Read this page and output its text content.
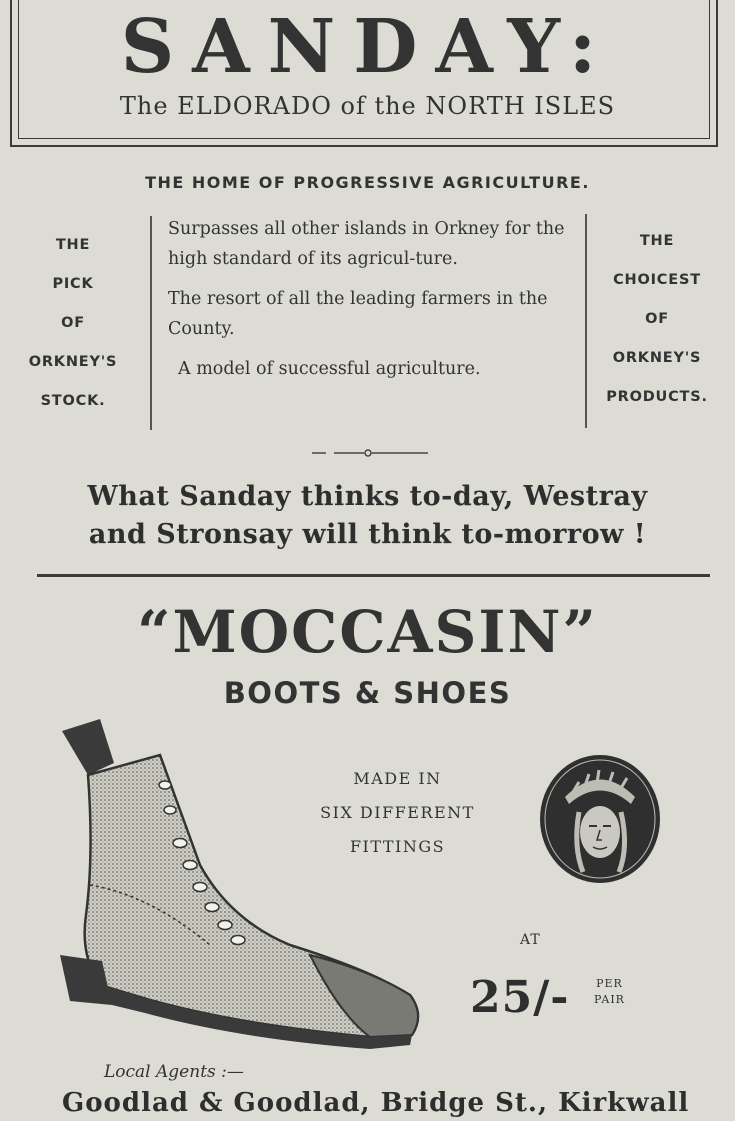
SANDAY:
The ELDORADO of the NORTH ISLES
THE HOME OF PROGRESSIVE AGRICULTURE.
THE
PICK
OF
ORKNEY'S
STOCK.

Surpasses all other islands in Orkney for the high standard of its agricul-ture.

The resort of all the leading farmers in the County.

A model of successful agriculture.

THE
CHOICEST
OF
ORKNEY'S
PRODUCTS.
What Sanday thinks to-day, Westray
and Stronsay will think to-morrow !
“MOCCASIN”
BOOTS & SHOES
MADE IN
SIX DIFFERENT
FITTINGS
AT
25/- PER
PAIR
Local Agents :—
Goodlad & Goodlad, Bridge St., Kirkwall
